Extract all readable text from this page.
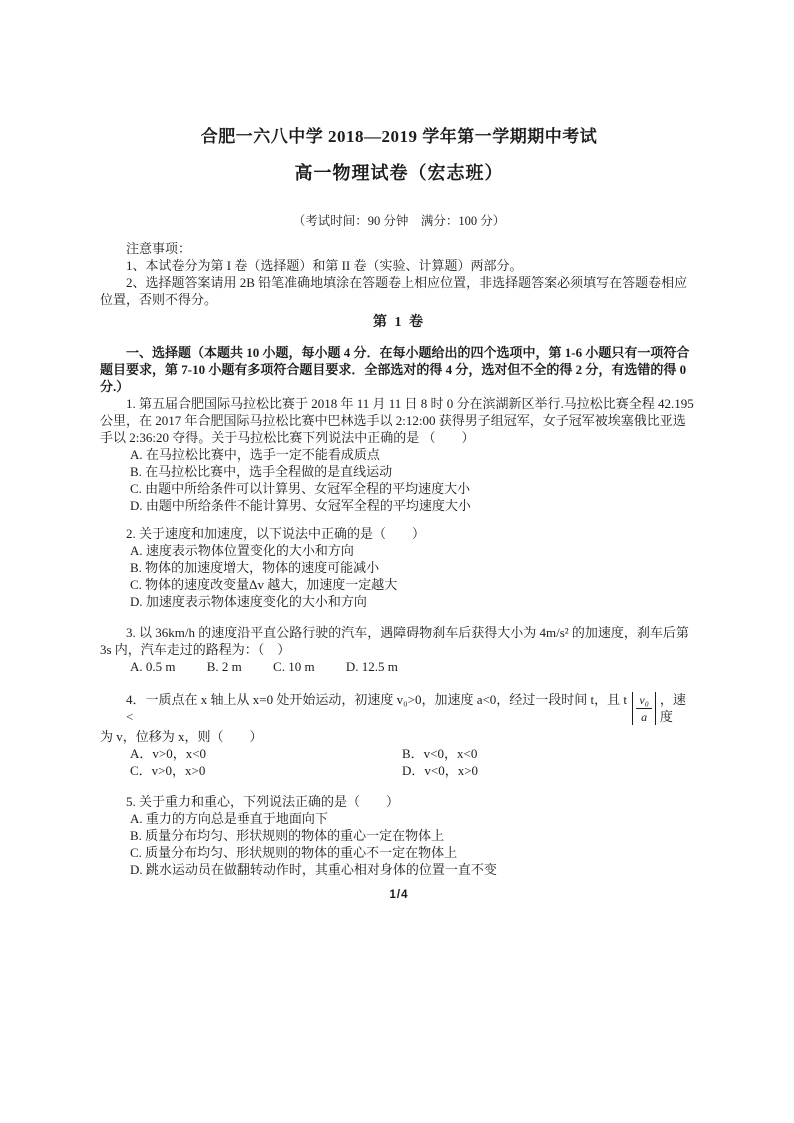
合肥一六八中学 2018—2019 学年第一学期期中考试
高一物理试卷（宏志班）
（考试时间：90 分钟　满分：100 分）
注意事项：
1、本试卷分为第 I 卷（选择题）和第 II 卷（实验、计算题）两部分。
2、选择题答案请用 2B 铅笔准确地填涂在答题卷上相应位置，非选择题答案必须填写在答题卷相应位置，否则不得分。
第 1 卷
一、选择题（本题共 10 小题，每小题 4 分．在每小题给出的四个选项中，第 1-6 小题只有一项符合题目要求，第 7-10 小题有多项符合题目要求．全部选对的得 4 分，选对但不全的得 2 分，有选错的得 0 分.）
1. 第五届合肥国际马拉松比赛于 2018 年 11 月 11 日 8 时 0 分在滨湖新区举行.马拉松比赛全程 42.195 公里，在 2017 年合肥国际马拉松比赛中巴林选手以 2:12:00 获得男子组冠军，女子冠军被埃塞俄比亚选手以 2:36:20 夺得。关于马拉松比赛下列说法中正确的是 （　　）
A. 在马拉松比赛中，选手一定不能看成质点
B. 在马拉松比赛中，选手全程做的是直线运动
C. 由题中所给条件可以计算男、女冠军全程的平均速度大小
D. 由题中所给条件不能计算男、女冠军全程的平均速度大小
2. 关于速度和加速度，以下说法中正确的是（　　）
A. 速度表示物体位置变化的大小和方向
B. 物体的加速度增大，物体的速度可能减小
C. 物体的速度改变量Δv 越大，加速度一定越大
D. 加速度表示物体速度变化的大小和方向
3. 以 36km/h 的速度沿平直公路行驶的汽车，遇障碍物刹车后获得大小为 4m/s² 的加速度，刹车后第 3s 内，汽车走过的路程为：（　）
A. 0.5 m B. 2 m C. 10 m D. 12.5 m
4．一质点在 x 轴上从 x=0 处开始运动，初速度 v₀>0，加速度 a<0，经过一段时间 t，且 t <	$\frac{\text{v₀}}{a}$ ，速度
为 v，位移为 x，则（　　）
A．v>0，x<0	B．v<0，x<0
C．v>0，x>0	D．v<0，x>0
5. 关于重力和重心，下列说法正确的是（　　）
A. 重力的方向总是垂直于地面向下
B. 质量分布均匀、形状规则的物体的重心一定在物体上
C. 质量分布均匀、形状规则的物体的重心不一定在物体上
D. 跳水运动员在做翻转动作时，其重心相对身体的位置一直不变
1/4
